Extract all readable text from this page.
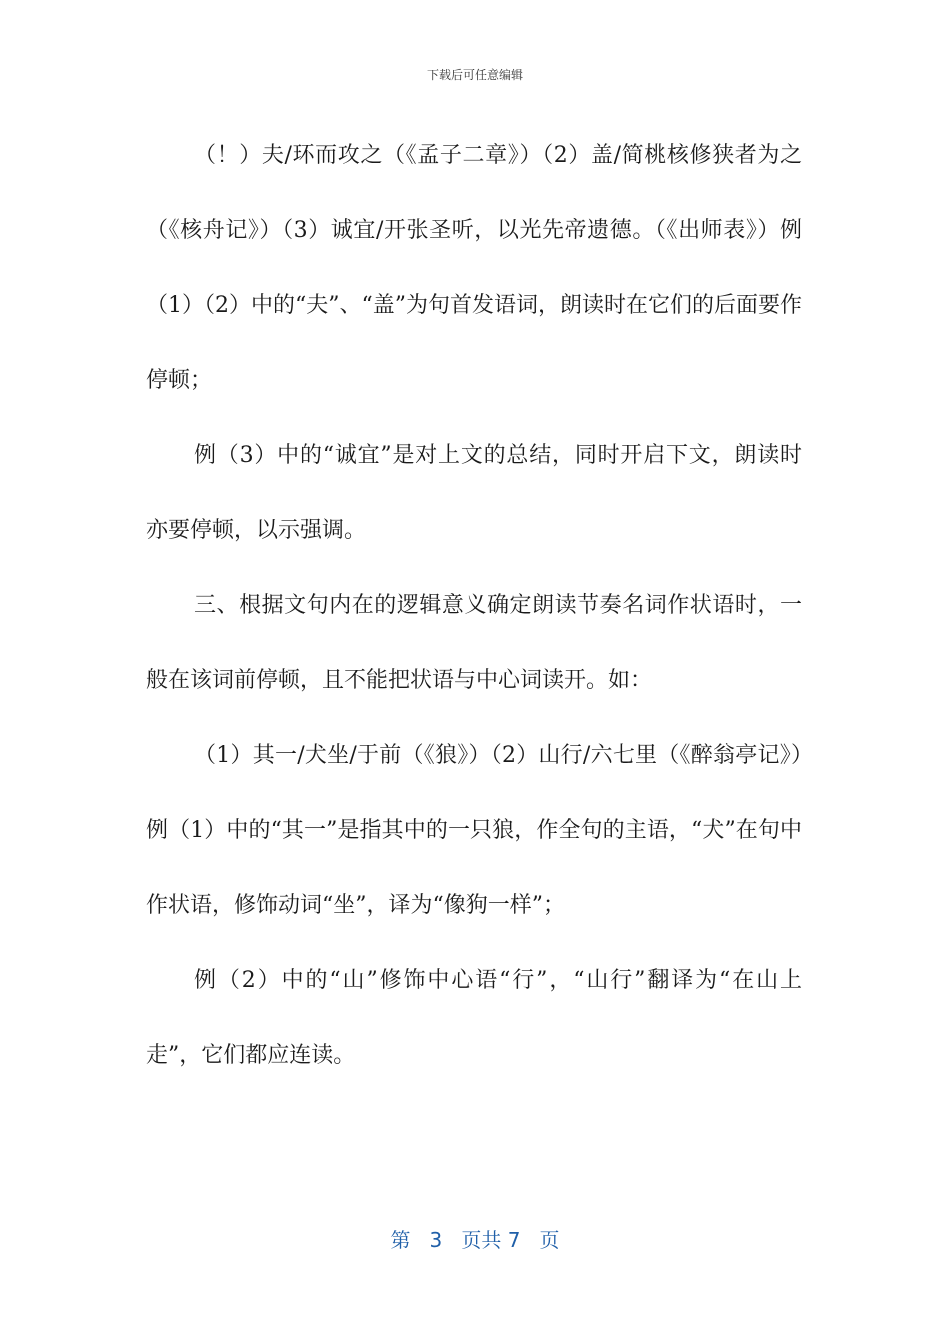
下载后可任意编辑

（！）夫/环而攻之（《孟子二章》）（2）盖/简桃核修狭者为之（《核舟记》）（3）诚宜/开张圣听，以光先帝遗德。（《出师表》）例（1）（2）中的“夫”、“盖”为句首发语词，朗读时在它们的后面要作停顿；

例（3）中的“诚宜”是对上文的总结，同时开启下文，朗读时亦要停顿，以示强调。

三、根据文句内在的逻辑意义确定朗读节奏名词作状语时，一般在该词前停顿，且不能把状语与中心词读开。如：

（1）其一/犬坐/于前（《狼》）（2）山行/六七里（《醉翁亭记》）例（1）中的“其一”是指其中的一只狼，作全句的主语，“犬”在句中作状语，修饰动词“坐”，译为“像狗一样”；

例（2）中的“山”修饰中心语“行”，“山行”翻译为“在山上走”，它们都应连读。

第 3 页共 7 页
